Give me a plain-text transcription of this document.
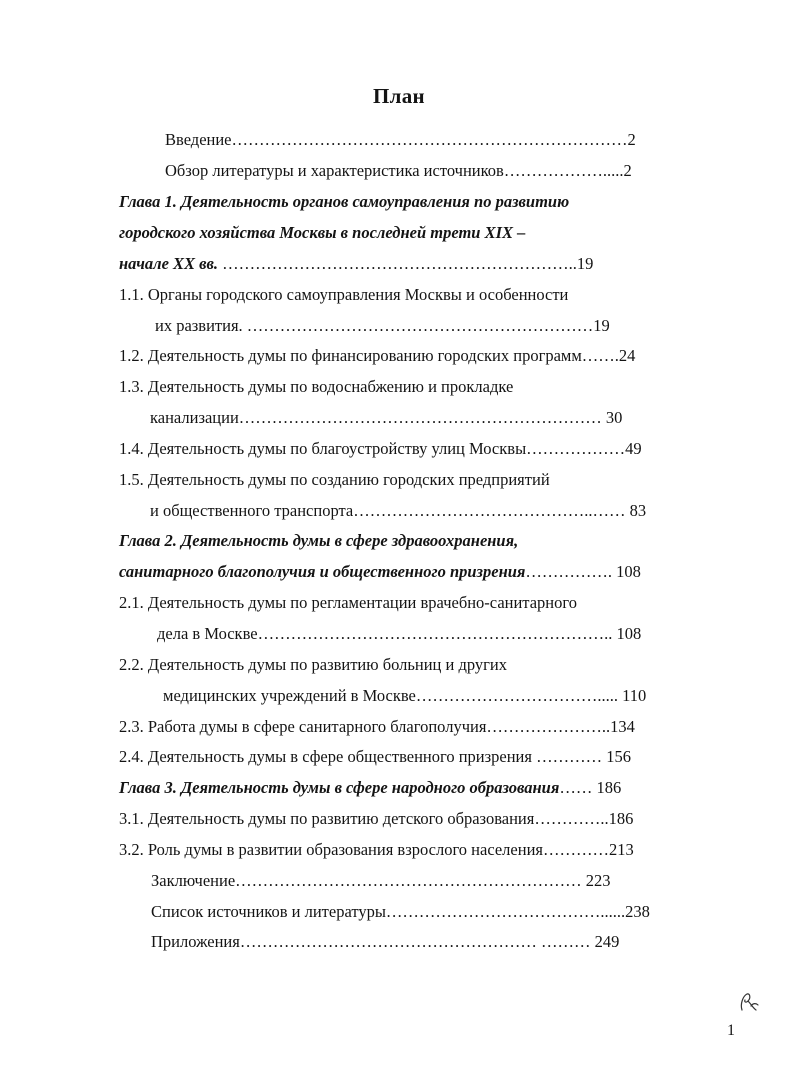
План
Введение………………………………………………………………2
Обзор литературы и характеристика источников……………….....2
Глава 1. Деятельность органов самоуправления по развитию
городского хозяйства Москвы в последней трети XIX –
начале XX вв. ………………………………………………………..19
1.1. Органы городского самоуправления Москвы и особенности
их развития. ………………………………………………………19
1.2. Деятельность думы по финансированию городских программ…….24
1.3. Деятельность думы по водоснабжению и прокладке
канализации………………………………………………………… 30
1.4. Деятельность думы по благоустройству улиц Москвы………………49
1.5. Деятельность думы по созданию городских предприятий
и общественного транспорта……………………………………..…… 83
Глава 2. Деятельность думы в сфере здравоохранения,
санитарного благополучия и общественного призрения……………. 108
2.1. Деятельность думы по регламентации врачебно-санитарного
дела в Москве……………………………………………………….. 108
2.2. Деятельность думы по развитию больниц и других
медицинских учреждений в Москве……………………………..... 110
2.3. Работа думы в сфере санитарного благополучия…………………..134
2.4. Деятельность думы в сфере общественного призрения ………… 156
Глава 3. Деятельность думы в сфере народного образования…… 186
3.1. Деятельность думы по развитию детского образования…………..186
3.2. Роль думы в развитии образования взрослого населения…………213
Заключение……………………………………………………… 223
Список источников и литературы…………………………………......238
Приложения……………………………………………… ……… 249
1
